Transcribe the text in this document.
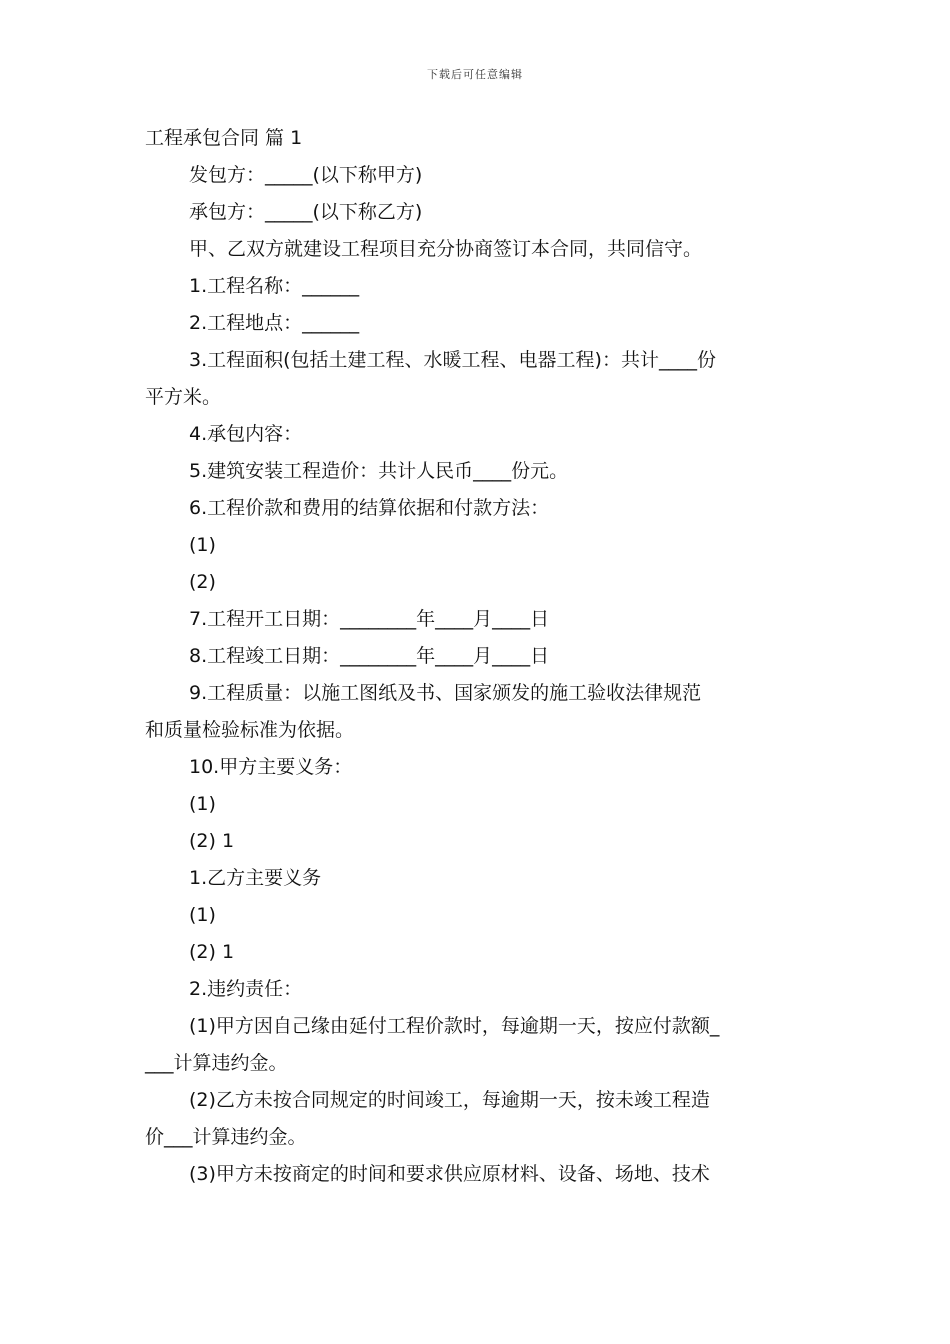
下载后可任意编辑
工程承包合同 篇 1
发包方：_____(以下称甲方)
承包方：_____(以下称乙方)
甲、乙双方就建设工程项目充分协商签订本合同，共同信守。
1.工程名称：______
2.工程地点：______
3.工程面积(包括土建工程、水暖工程、电器工程)：共计____份
平方米。
4.承包内容：
5.建筑安装工程造价：共计人民币____份元。
6.工程价款和费用的结算依据和付款方法：
(1)
(2)
7.工程开工日期：________年____月____日
8.工程竣工日期：________年____月____日
9.工程质量：以施工图纸及书、国家颁发的施工验收法律规范
和质量检验标准为依据。
10.甲方主要义务：
(1)
(2) 1
1.乙方主要义务
(1)
(2) 1
2.违约责任：
(1)甲方因自己缘由延付工程价款时，每逾期一天，按应付款额_
___计算违约金。
(2)乙方未按合同规定的时间竣工，每逾期一天，按未竣工程造
价___计算违约金。
(3)甲方未按商定的时间和要求供应原材料、设备、场地、技术
